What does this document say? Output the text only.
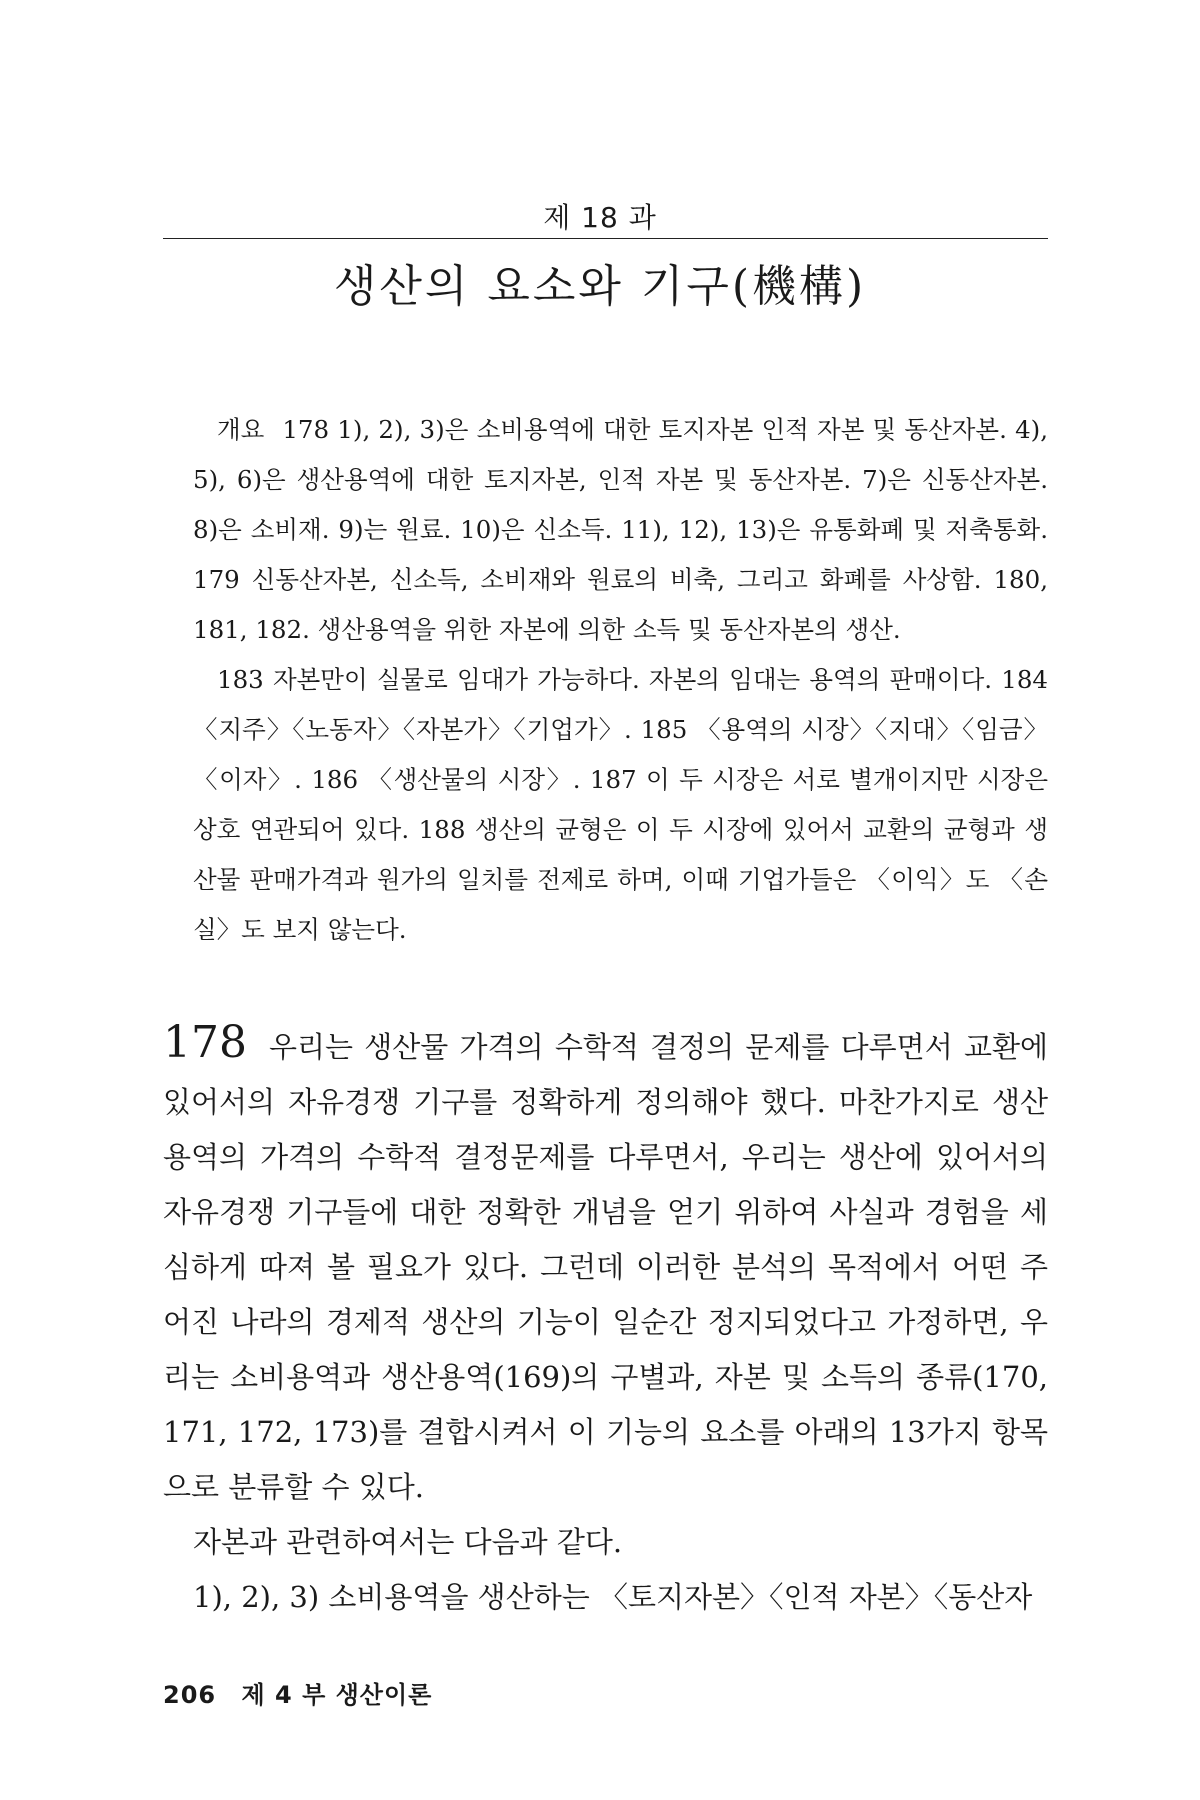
제 18 과
생산의 요소와 기구(機構)

개요 178 1), 2), 3)은 소비용역에 대한 토지자본 인적 자본 및 동산자본. 4), 5), 6)은 생산용역에 대한 토지자본, 인적 자본 및 동산자본. 7)은 신동산자본. 8)은 소비재. 9)는 원료. 10)은 신소득. 11), 12), 13)은 유통화폐 및 저축통화. 179 신동산자본, 신소득, 소비재와 원료의 비축, 그리고 화폐를 사상함. 180, 181, 182. 생산용역을 위한 자본에 의한 소득 및 동산자본의 생산.

183 자본만이 실물로 임대가 가능하다. 자본의 임대는 용역의 판매이다. 184 〈지주〉〈노동자〉〈자본가〉〈기업가〉. 185 〈용역의 시장〉〈지대〉〈임금〉〈이자〉. 186 〈생산물의 시장〉. 187 이 두 시장은 서로 별개이지만 시장은 상호 연관되어 있다. 188 생산의 균형은 이 두 시장에 있어서 교환의 균형과 생산물 판매가격과 원가의 일치를 전제로 하며, 이때 기업가들은 〈이익〉도 〈손실〉도 보지 않는다.

178 우리는 생산물 가격의 수학적 결정의 문제를 다루면서 교환에 있어서의 자유경쟁 기구를 정확하게 정의해야 했다. 마찬가지로 생산용역의 가격의 수학적 결정문제를 다루면서, 우리는 생산에 있어서의 자유경쟁 기구들에 대한 정확한 개념을 얻기 위하여 사실과 경험을 세심하게 따져 볼 필요가 있다. 그런데 이러한 분석의 목적에서 어떤 주어진 나라의 경제적 생산의 기능이 일순간 정지되었다고 가정하면, 우리는 소비용역과 생산용역(169)의 구별과, 자본 및 소득의 종류(170, 171, 172, 173)를 결합시켜서 이 기능의 요소를 아래의 13가지 항목으로 분류할 수 있다.

자본과 관련하여서는 다음과 같다.

1), 2), 3) 소비용역을 생산하는 〈토지자본〉〈인적 자본〉〈동산자

206 제 4 부 생산이론
